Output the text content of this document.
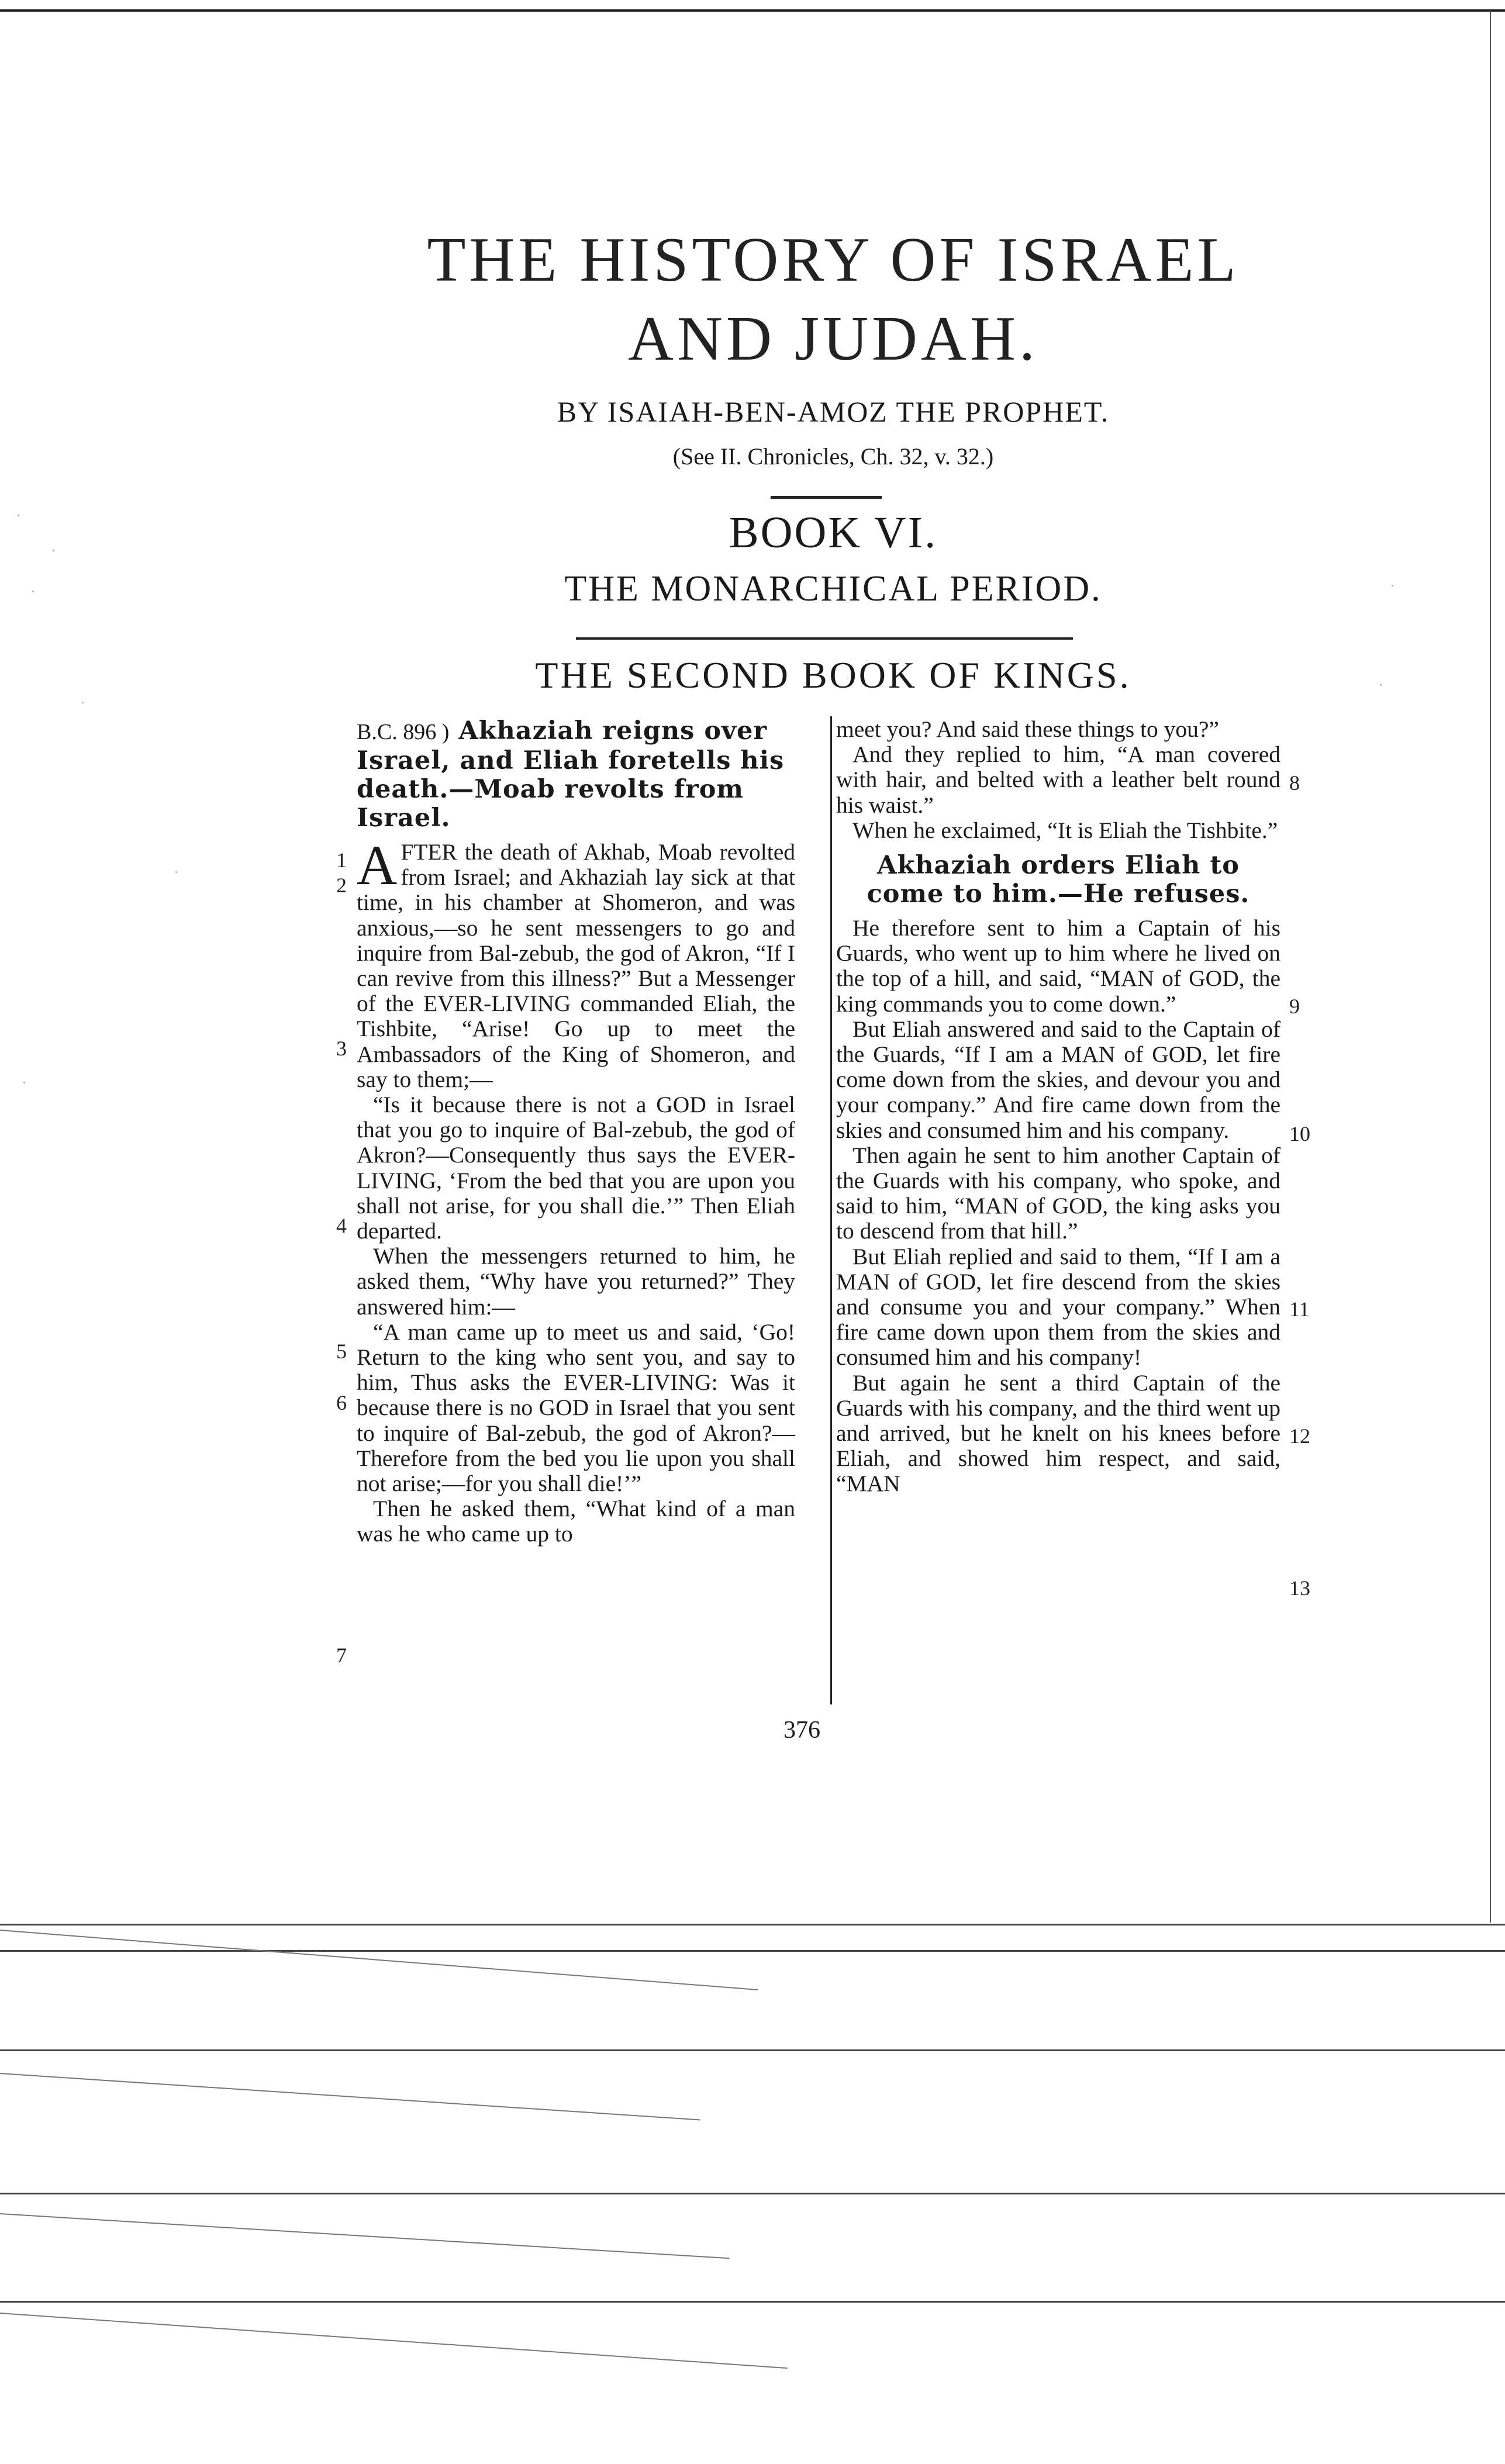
THE HISTORY OF ISRAEL
AND JUDAH.
BY ISAIAH-BEN-AMOZ THE PROPHET.
(See II. Chronicles, Ch. 32, v. 32.)
BOOK VI.
THE MONARCHICAL PERIOD.
THE SECOND BOOK OF KINGS.
B.C. 896 ) Akhaziah reigns over Israel, and Eliah foretells his death.—Moab revolts from Israel.

AFTER the death of Akhab, Moab revolted from Israel; and Akhaziah lay sick at that time, in his chamber at Shomeron, and was anxious,—so he sent messengers to go and inquire from Bal-zebub, the god of Akron, “If I can revive from this illness?” But a Messenger of the EVER-LIVING commanded Eliah, the Tishbite, “Arise! Go up to meet the Ambassadors of the King of Shomeron, and say to them;—

“Is it because there is not a GOD in Israel that you go to inquire of Bal-zebub, the god of Akron?—Consequently thus says the EVER-LIVING, ‘From the bed that you are upon you shall not arise, for you shall die.’” Then Eliah departed.

When the messengers returned to him, he asked them, “Why have you returned?” They answered him:—

“A man came up to meet us and said, ‘Go! Return to the king who sent you, and say to him, Thus asks the EVER-LIVING: Was it because there is no GOD in Israel that you sent to inquire of Bal-zebub, the god of Akron?—Therefore from the bed you lie upon you shall not arise;—for you shall die!’”

Then he asked them, “What kind of a man was he who came up to

1
2
3
4
5
6
7

meet you? And said these things to you?”

And they replied to him, “A man covered with hair, and belted with a leather belt round his waist.”

When he exclaimed, “It is Eliah the Tishbite.”

Akhaziah orders Eliah to come to him.—He refuses.

He therefore sent to him a Captain of his Guards, who went up to him where he lived on the top of a hill, and said, “MAN of GOD, the king commands you to come down.”

But Eliah answered and said to the Captain of the Guards, “If I am a MAN of GOD, let fire come down from the skies, and devour you and your company.” And fire came down from the skies and consumed him and his company.

Then again he sent to him another Captain of the Guards with his company, who spoke, and said to him, “MAN of GOD, the king asks you to descend from that hill.”

But Eliah replied and said to them, “If I am a MAN of GOD, let fire descend from the skies and consume you and your company.” When fire came down upon them from the skies and consumed him and his company!

But again he sent a third Captain of the Guards with his company, and the third went up and arrived, but he knelt on his knees before Eliah, and showed him respect, and said, “MAN

8
9
10
11
12
13
376
